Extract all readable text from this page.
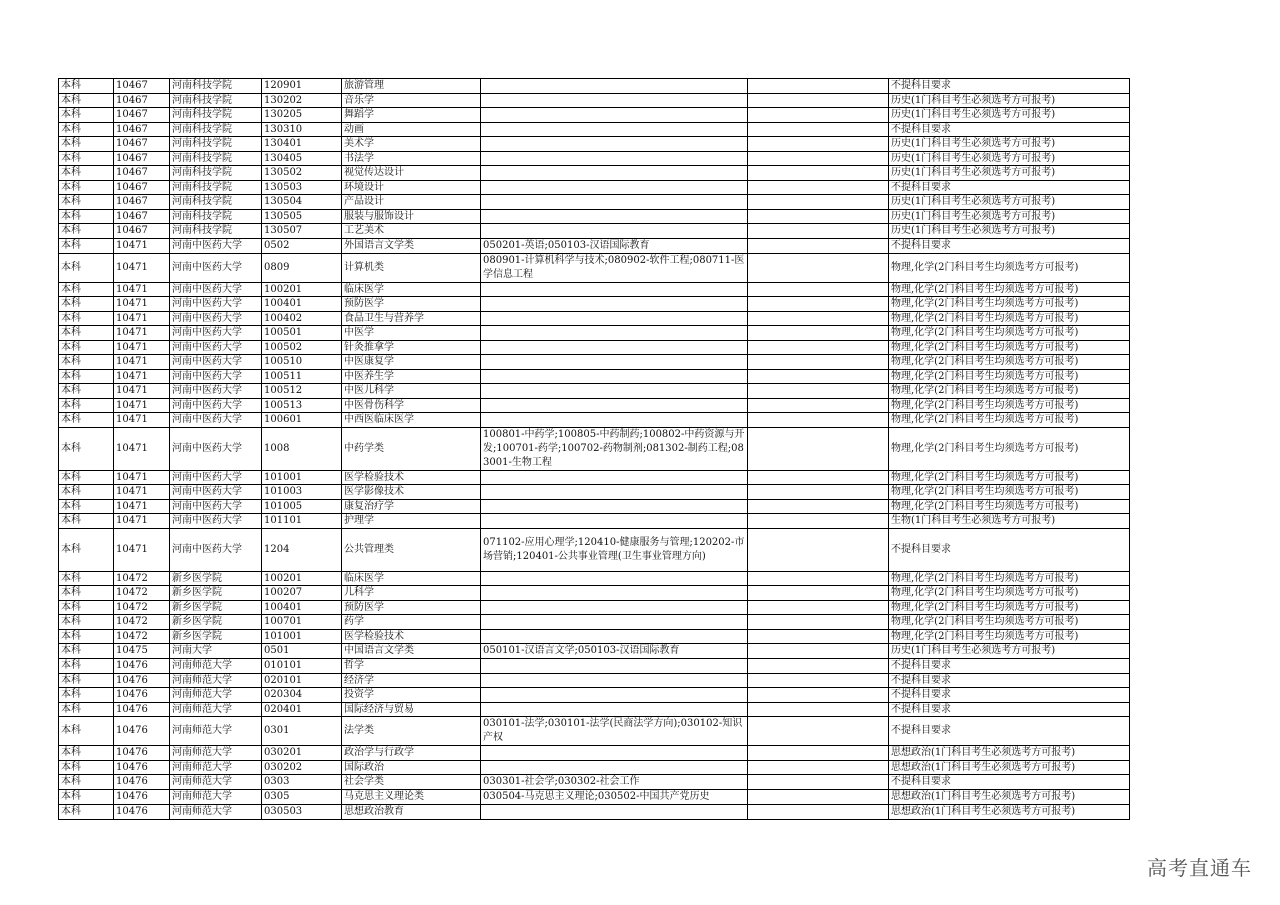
本科	10467	河南科技学院	120901	旅游管理			不提科目要求
本科	10467	河南科技学院	130202	音乐学			历史(1门科目考生必须选考方可报考)
本科	10467	河南科技学院	130205	舞蹈学			历史(1门科目考生必须选考方可报考)
本科	10467	河南科技学院	130310	动画			不提科目要求
本科	10467	河南科技学院	130401	美术学			历史(1门科目考生必须选考方可报考)
本科	10467	河南科技学院	130405	书法学			历史(1门科目考生必须选考方可报考)
本科	10467	河南科技学院	130502	视觉传达设计			历史(1门科目考生必须选考方可报考)
本科	10467	河南科技学院	130503	环境设计			不提科目要求
本科	10467	河南科技学院	130504	产品设计			历史(1门科目考生必须选考方可报考)
本科	10467	河南科技学院	130505	服装与服饰设计			历史(1门科目考生必须选考方可报考)
本科	10467	河南科技学院	130507	工艺美术			历史(1门科目考生必须选考方可报考)
本科	10471	河南中医药大学	0502	外国语言文学类	050201-英语;050103-汉语国际教育		不提科目要求
本科	10471	河南中医药大学	0809	计算机类	080901-计算机科学与技术;080902-软件工程;080711-医学信息工程		物理,化学(2门科目考生均须选考方可报考)
本科	10471	河南中医药大学	100201	临床医学			物理,化学(2门科目考生均须选考方可报考)
本科	10471	河南中医药大学	100401	预防医学			物理,化学(2门科目考生均须选考方可报考)
本科	10471	河南中医药大学	100402	食品卫生与营养学			物理,化学(2门科目考生均须选考方可报考)
本科	10471	河南中医药大学	100501	中医学			物理,化学(2门科目考生均须选考方可报考)
本科	10471	河南中医药大学	100502	针灸推拿学			物理,化学(2门科目考生均须选考方可报考)
本科	10471	河南中医药大学	100510	中医康复学			物理,化学(2门科目考生均须选考方可报考)
本科	10471	河南中医药大学	100511	中医养生学			物理,化学(2门科目考生均须选考方可报考)
本科	10471	河南中医药大学	100512	中医儿科学			物理,化学(2门科目考生均须选考方可报考)
本科	10471	河南中医药大学	100513	中医骨伤科学			物理,化学(2门科目考生均须选考方可报考)
本科	10471	河南中医药大学	100601	中西医临床医学			物理,化学(2门科目考生均须选考方可报考)
本科	10471	河南中医药大学	1008	中药学类	100801-中药学;100805-中药制药;100802-中药资源与开发;100701-药学;100702-药物制剂;081302-制药工程;083001-生物工程		物理,化学(2门科目考生均须选考方可报考)
本科	10471	河南中医药大学	101001	医学检验技术			物理,化学(2门科目考生均须选考方可报考)
本科	10471	河南中医药大学	101003	医学影像技术			物理,化学(2门科目考生均须选考方可报考)
本科	10471	河南中医药大学	101005	康复治疗学			物理,化学(2门科目考生均须选考方可报考)
本科	10471	河南中医药大学	101101	护理学			生物(1门科目考生必须选考方可报考)
本科	10471	河南中医药大学	1204	公共管理类	071102-应用心理学;120410-健康服务与管理;120202-市场营销;120401-公共事业管理(卫生事业管理方向)		不提科目要求
本科	10472	新乡医学院	100201	临床医学			物理,化学(2门科目考生均须选考方可报考)
本科	10472	新乡医学院	100207	儿科学			物理,化学(2门科目考生均须选考方可报考)
本科	10472	新乡医学院	100401	预防医学			物理,化学(2门科目考生均须选考方可报考)
本科	10472	新乡医学院	100701	药学			物理,化学(2门科目考生均须选考方可报考)
本科	10472	新乡医学院	101001	医学检验技术			物理,化学(2门科目考生均须选考方可报考)
本科	10475	河南大学	0501	中国语言文学类	050101-汉语言文学;050103-汉语国际教育		历史(1门科目考生必须选考方可报考)
本科	10476	河南师范大学	010101	哲学			不提科目要求
本科	10476	河南师范大学	020101	经济学			不提科目要求
本科	10476	河南师范大学	020304	投资学			不提科目要求
本科	10476	河南师范大学	020401	国际经济与贸易			不提科目要求
本科	10476	河南师范大学	0301	法学类	030101-法学;030101-法学(民商法学方向);030102-知识产权		不提科目要求
本科	10476	河南师范大学	030201	政治学与行政学			思想政治(1门科目考生必须选考方可报考)
本科	10476	河南师范大学	030202	国际政治			思想政治(1门科目考生必须选考方可报考)
本科	10476	河南师范大学	0303	社会学类	030301-社会学;030302-社会工作		不提科目要求
本科	10476	河南师范大学	0305	马克思主义理论类	030504-马克思主义理论;030502-中国共产党历史		思想政治(1门科目考生必须选考方可报考)
本科	10476	河南师范大学	030503	思想政治教育			思想政治(1门科目考生必须选考方可报考)
高考直通车
